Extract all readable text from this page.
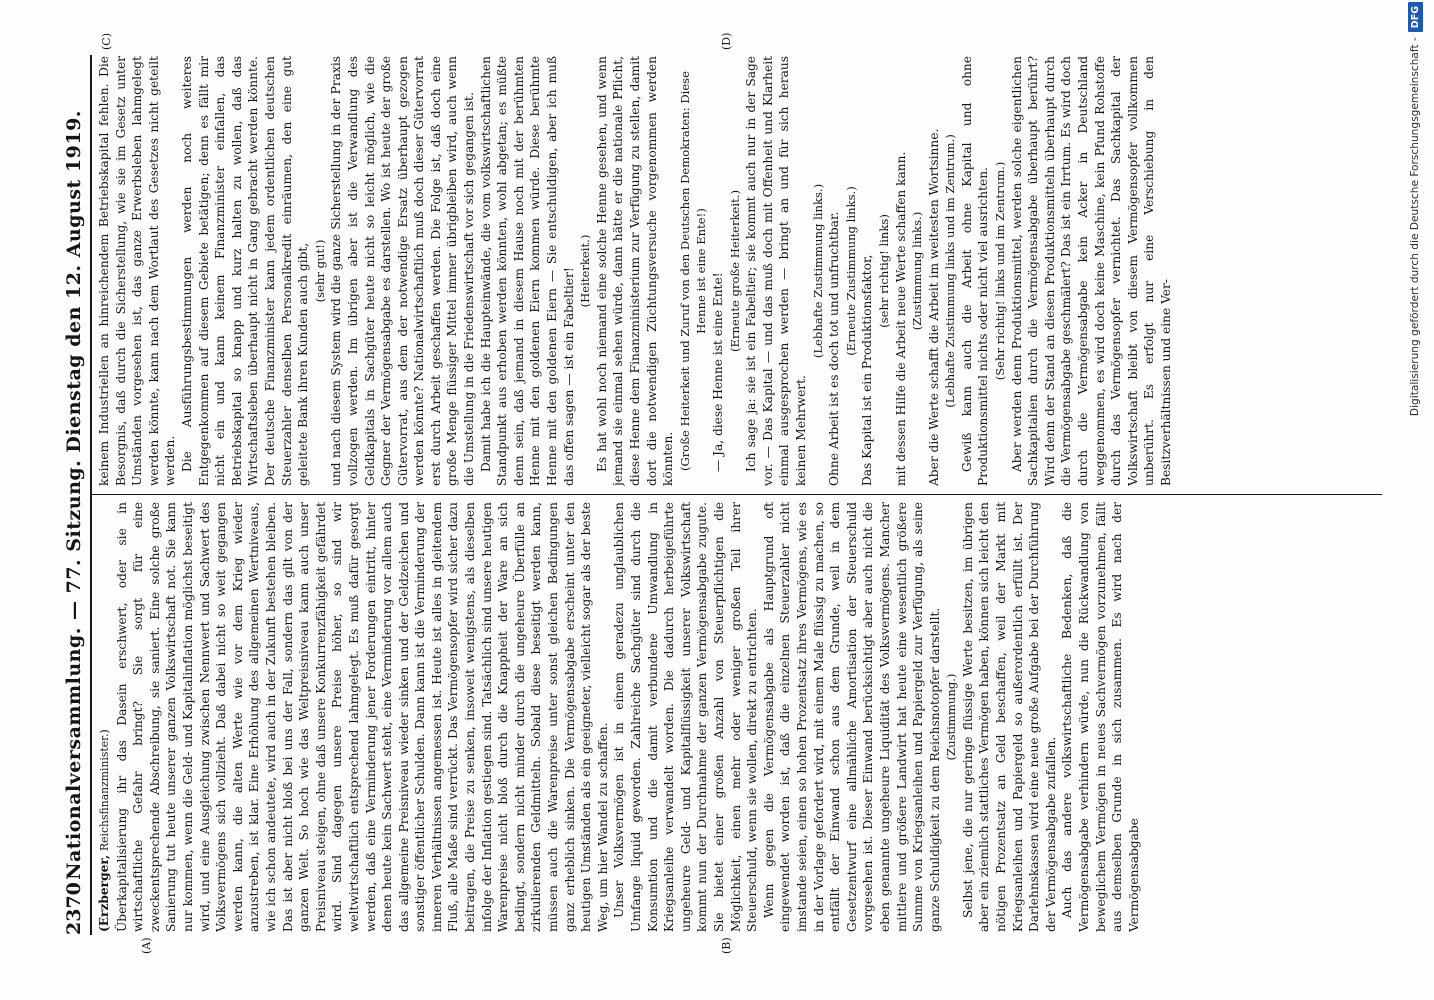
2370
Nationalversammlung. — 77. Sitzung. Dienstag den 12. August 1919.
(A)	(B)
(C)	(D)

(Erzberger, Reichsfinanzminister.) Überkapitalisierung ihr das Dasein erschwert, oder sie in wirtschaftliche Gefahr bringt? Sie sorgt für eine zweckentsprechende Abschreibung, sie saniert. Eine solche große Sanierung tut heute unserer ganzen Volkswirtschaft not. Sie kann nur kommen, wenn die Geld- und Kapitalinflation möglichst beseitigt wird, und eine Ausgleichung zwischen Nennwert und Sachwert des Volksvermögens sich vollzieht. Daß dabei nicht so weit gegangen werden kann, die alten Werte wie vor dem Krieg wieder anzustreben, ist klar. Eine Erhöhung des allgemeinen Wertniveaus, wie ich schon andeutete, wird auch in der Zukunft bestehen bleiben. Das ist aber nicht bloß bei uns der Fall, sondern das gilt von der ganzen Welt. So hoch wie das Weltpreisniveau kann auch unser Preisniveau steigen, ohne daß unsere Konkurrenzfähigkeit gefährdet wird. Sind dagegen unsere Preise höher, so sind wir weltwirtschaftlich entsprechend lahmgelegt. Es muß dafür gesorgt werden, daß eine Verminderung jener Forderungen eintritt, hinter denen heute kein Sachwert steht, eine Verminderung vor allem auch das allgemeine Preisniveau wieder sinken und der Geldzeichen und sonstiger öffentlicher Schulden. Dann kann ist die Verminderung der inneren Verhältnissen angemessen ist. Heute ist alles in gleitendem Fluß, alle Maße sind verrückt. Das Vermögensopfer wird sicher dazu beitragen, die Preise zu senken, insoweit wenigstens, als dieselben infolge der Inflation gestiegen sind. Tatsächlich sind unsere heutigen Warenpreise nicht bloß durch die Knappheit der Ware an sich bedingt, sondern nicht minder durch die ungeheure Überfülle an zirkulierenden Geldmitteln. Sobald diese beseitigt werden kann, müssen auch die Warenpreise unter sonst gleichen Bedingungen ganz erheblich sinken. Die Vermögensabgabe erscheint unter den heutigen Umständen als ein geeigneter, vielleicht sogar als der beste Weg, um hier Wandel zu schaffen. Unser Volksvermögen ist in einem geradezu unglaublichen Umfange liquid geworden. Zahlreiche Sachgüter sind durch die Konsumtion und die damit verbundene Umwandlung in Kriegsanleihe verwandelt worden. Die dadurch herbeigeführte ungeheure Geld- und Kapitalflüssigkeit unserer Volkswirtschaft kommt nun der Durchnahme der ganzen Vermögensabgabe zugute. Sie bietet einer großen Anzahl von Steuerpflichtigen die Möglichkeit, einen mehr oder weniger großen Teil ihrer Steuerschuld, wenn sie wollen, direkt zu entrichten. Wenn gegen die Vermögensabgabe als Hauptgrund oft eingewendet worden ist, daß die einzelnen Steuerzahler nicht imstande seien, einen so hohen Prozentsatz ihres Vermögens, wie es in der Vorlage gefordert wird, mit einem Male flüssig zu machen, so entfällt der Einwand schon aus dem Grunde, weil in dem Gesetzentwurf eine allmähliche Amortisation der Steuerschuld vorgesehen ist. Dieser Einwand berücksichtigt aber auch nicht die eben genannte ungeheure Liquidität des Volksvermögens. Mancher mittlere und größere Landwirt hat heute eine wesentlich größere Summe von Kriegsanleihen und Papiergeld zur Verfügung, als seine ganze Schuldigkeit zu dem Reichsnotopfer darstellt. (Zustimmung.) Selbst jene, die nur geringe flüssige Werte besitzen, im übrigen aber ein ziemlich stattliches Vermögen haben, können sich leicht den nötigen Prozentsatz an Geld beschaffen, weil der Markt mit Kriegsanleihen und Papiergeld so außerordentlich erfüllt ist. Der Darlehnskassen wird eine neue große Aufgabe bei der Durchführung der Vermögensabgabe zufallen. Auch das andere volkswirtschaftliche Bedenken, daß die Vermögensabgabe verhindern würde, nun die Rückwandlung von beweglichem Vermögen in neues Sachvermögen vorzunehmen, fällt aus demselben Grunde in sich zusammen. Es wird nach der Vermögensabgabe

keinem Industriellen an hinreichendem Betriebskapital fehlen. Die Besorgnis, daß durch die Sicherstellung, wie sie im Gesetz unter Umständen vorgesehen ist, das ganze Erwerbsleben lahmgelegt werden könnte, kann nach dem Wortlaut des Gesetzes nicht geteilt werden. Die Ausführungsbestimmungen werden noch weiteres Entgegenkommen auf diesem Gebiete betätigen; denn es fällt mir nicht ein und kann keinem Finanzminister einfallen, das Betriebskapital so knapp und kurz halten zu wollen, daß das Wirtschaftsleben überhaupt nicht in Gang gebracht werden könnte. Der deutsche Finanzminister kann jedem ordentlichen deutschen Steuerzahler denselben Personalkredit einräumen, den eine gut geleitete Bank ihren Kunden auch gibt, (sehr gut!) und nach diesem System wird die ganze Sicherstellung in der Praxis vollzogen werden. Im übrigen aber ist die Verwandlung des Geldkapitals in Sachgüter heute nicht so leicht möglich, wie die Gegner der Vermögensabgabe es darstellen. Wo ist heute der große Gütervorrat, aus dem der notwendige Ersatz überhaupt gezogen werden könnte? Nationalwirtschaftlich muß doch dieser Gütervorrat erst durch Arbeit geschaffen werden. Die Folge ist, daß doch eine große Menge flüssiger Mittel immer übrigbleiben wird, auch wenn die Umstellung in die Friedenswirtschaft vor sich gegangen ist. Damit habe ich die Haupteinwände, die vom volkswirtschaftlichen Standpunkt aus erhoben werden könnten, wohl abgetan; es müßte denn sein, daß jemand in diesem Hause noch mit der berühmten Henne mit den goldenen Eiern kommen würde. Diese berühmte Henne mit den goldenen Eiern — Sie entschuldigen, aber ich muß das offen sagen — ist ein Fabeltier! (Heiterkeit.) Es hat wohl noch niemand eine solche Henne gesehen, und wenn jemand sie einmal sehen würde, dann hätte er die nationale Pflicht, diese Henne dem Finanzministerium zur Verfügung zu stellen, damit dort die notwendigen Züchtungsversuche vorgenommen werden könnten. (Große Heiterkeit und Zuruf von den Deutschen Demokraten: Diese Henne ist eine Ente!)

— Ja, diese Henne ist eine Ente!

(Erneute große Heiterkeit.) Ich sage ja: sie ist ein Fabeltier; sie kommt auch nur in der Sage vor. — Das Kapital — und das muß doch mit Offenheit und Klarheit einmal ausgesprochen werden — bringt an und für sich heraus keinen Mehrwert.

(Lebhafte Zustimmung links.) Ohne Arbeit ist es doch tot und unfruchtbar. (Erneute Zustimmung links.) Das Kapital ist ein Produktionsfaktor, (sehr richtig! links) mit dessen Hilfe die Arbeit neue Werte schaffen kann. (Zustimmung links.) Aber die Werte schafft die Arbeit im weitesten Wortsinne. (Lebhafte Zustimmung links und im Zentrum.) Gewiß kann auch die Arbeit ohne Kapital und ohne Produktionsmittel nichts oder nicht viel ausrichten. (Sehr richtig! links und im Zentrum.) Aber werden denn Produktionsmittel, werden solche eigentlichen Sachkapitalien durch die Vermögensabgabe überhaupt berührt? Wird denn der Stand an diesen Produktionsmitteln überhaupt durch die Vermögensabgabe geschmälert? Das ist ein Irrtum. Es wird doch durch die Vermögensabgabe kein Acker in Deutschland weggenommen, es wird doch keine Maschine, kein Pfund Rohstoffe durch das Vermögensopfer vernichtet. Das Sachkapital der Volkswirtschaft bleibt von diesem Vermögensopfer vollkommen unberührt. Es erfolgt nur eine Verschiebung in den Besitzverhältnissen und eine Ver-	Digitalisierung gefördert durch die Deutsche Forschungsgemeinschaft -DFG
